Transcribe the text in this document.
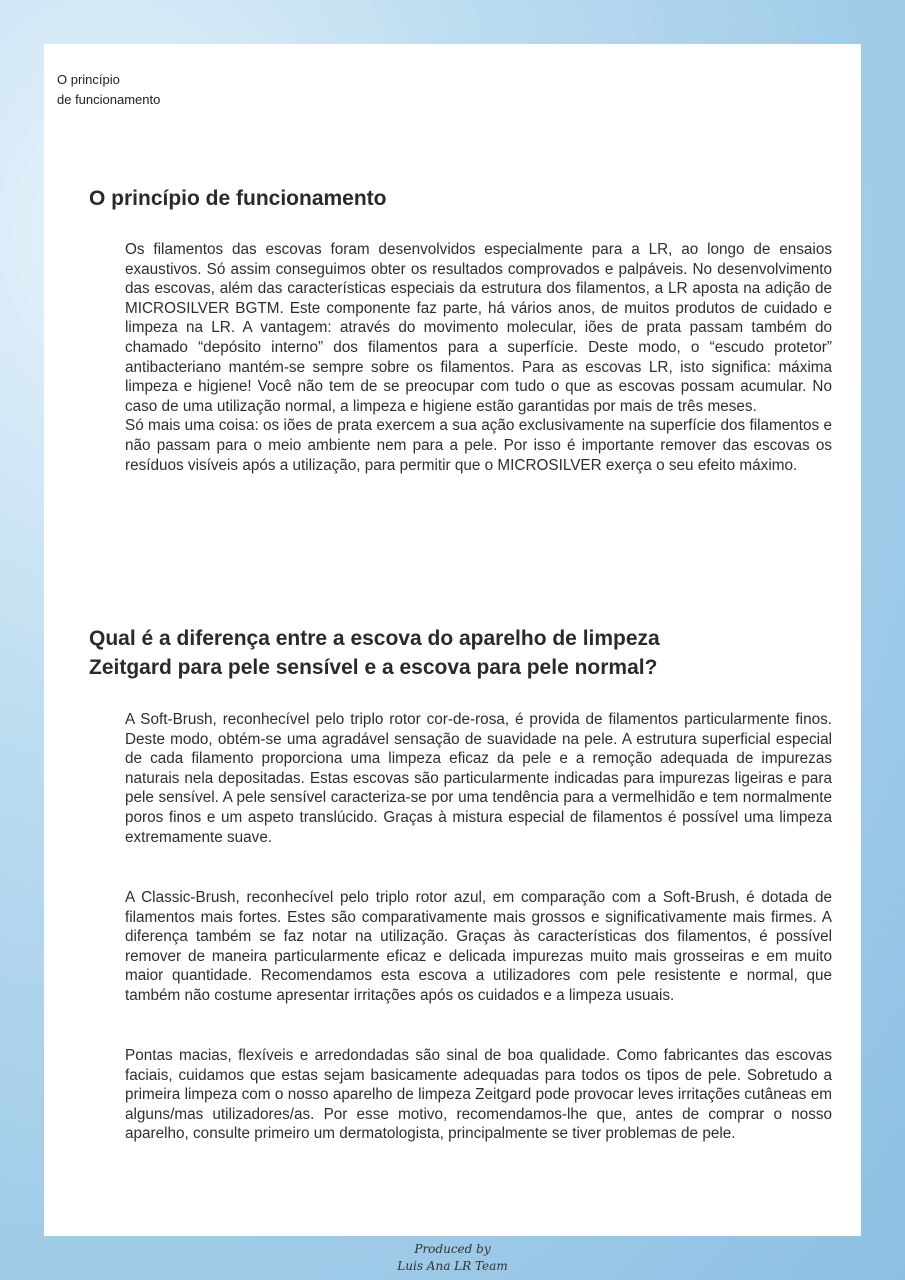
O princípio
de funcionamento
O princípio de funcionamento

Os filamentos das escovas foram desenvolvidos especialmente para a LR, ao longo de ensaios exaustivos. Só assim conseguimos obter os resultados comprovados e palpáveis. No desenvolvimento das escovas, além das características especiais da estrutura dos filamentos, a LR aposta na adição de MICROSILVER BGTM. Este componente faz parte, há vários anos, de muitos produtos de cuidado e limpeza na LR. A vantagem: através do movimento molecular, iões de prata passam também do chamado “depósito interno” dos filamentos para a superfície. Deste modo, o “escudo protetor” antibacteriano mantém-se sempre sobre os filamentos. Para as escovas LR, isto significa: máxima limpeza e higiene! Você não tem de se preocupar com tudo o que as escovas possam acumular. No caso de uma utilização normal, a limpeza e higiene estão garantidas por mais de três meses.

Só mais uma coisa: os iões de prata exercem a sua ação exclusivamente na superfície dos filamentos e não passam para o meio ambiente nem para a pele. Por isso é importante remover das escovas os resíduos visíveis após a utilização, para permitir que o MICROSILVER exerça o seu efeito máximo.

Qual é a diferença entre a escova do aparelho de limpeza
Zeitgard para pele sensível e a escova para pele normal?

A Soft-Brush, reconhecível pelo triplo rotor cor-de-rosa, é provida de filamentos particularmente finos. Deste modo, obtém-se uma agradável sensação de suavidade na pele. A estrutura superficial especial de cada filamento proporciona uma limpeza eficaz da pele e a remoção adequada de impurezas naturais nela depositadas. Estas escovas são particularmente indicadas para impurezas ligeiras e para pele sensível. A pele sensível caracteriza-se por uma tendência para a vermelhidão e tem normalmente poros finos e um aspeto translúcido. Graças à mistura especial de filamentos é possível uma limpeza extremamente suave.

A Classic-Brush, reconhecível pelo triplo rotor azul, em comparação com a Soft-Brush, é dotada de filamentos mais fortes. Estes são comparativamente mais grossos e significativamente mais firmes. A diferença também se faz notar na utilização. Graças às características dos filamentos, é possível remover de maneira particularmente eficaz e delicada impurezas muito mais grosseiras e em muito maior quantidade. Recomendamos esta escova a utilizadores com pele resistente e normal, que também não costume apresentar irritações após os cuidados e a limpeza usuais.

Pontas macias, flexíveis e arredondadas são sinal de boa qualidade. Como fabricantes das escovas faciais, cuidamos que estas sejam basicamente adequadas para todos os tipos de pele. Sobretudo a primeira limpeza com o nosso aparelho de limpeza Zeitgard pode provocar leves irritações cutâneas em alguns/mas utilizadores/as. Por esse motivo, recomendamos-lhe que, antes de comprar o nosso aparelho, consulte primeiro um dermatologista, principalmente se tiver problemas de pele.

Produced by
Luis Ana LR Team
